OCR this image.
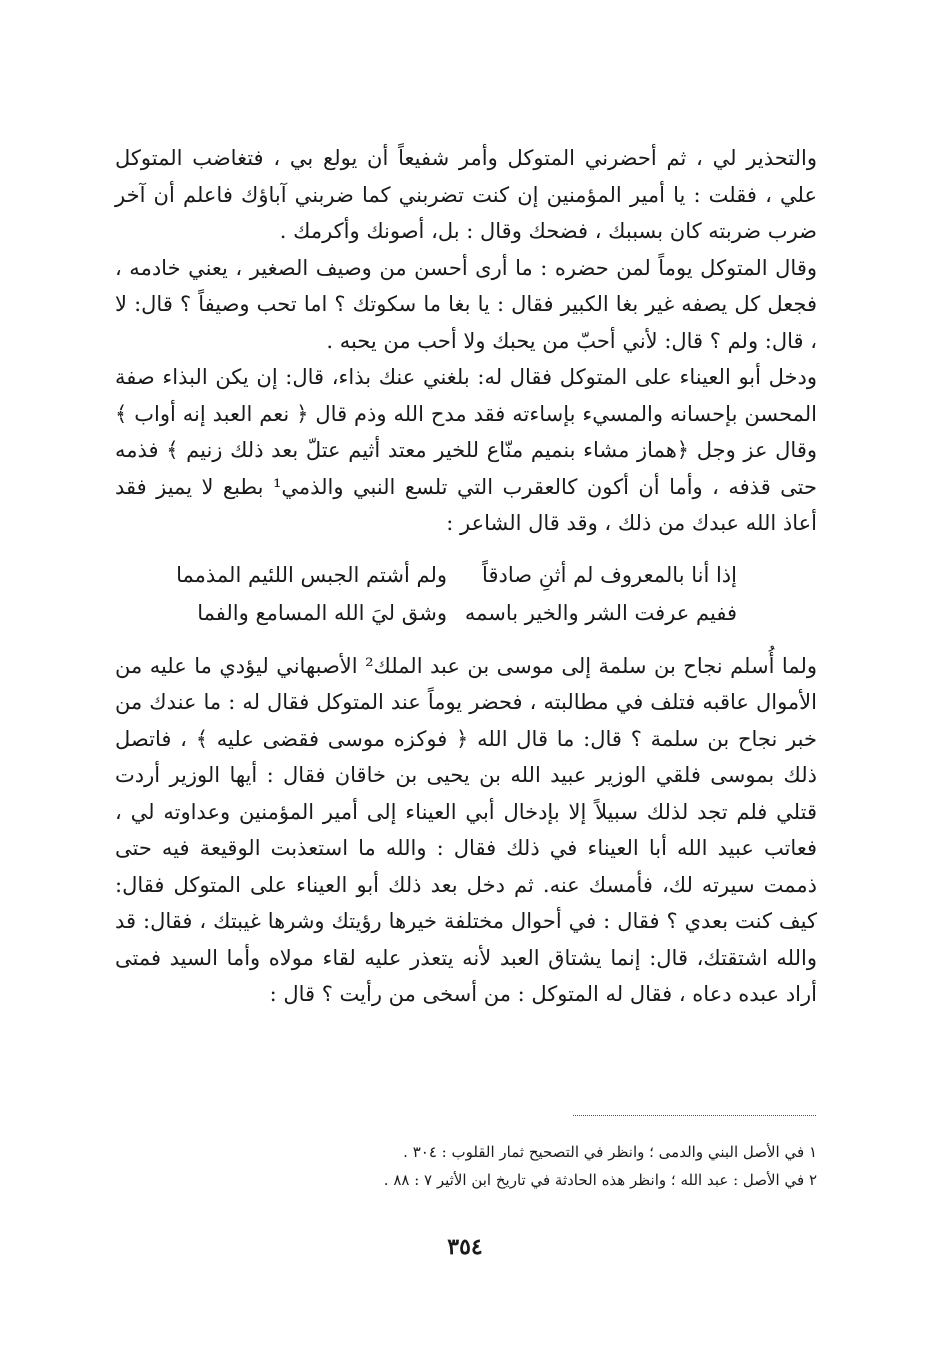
والتحذير لي ، ثم أحضرني المتوكل وأمر شفيعاً أن يولع بي ، فتغاضب المتوكل علي ، فقلت : يا أمير المؤمنين إن كنت تضربني كما ضربني آباؤك فاعلم أن آخر ضرب ضربته كان بسببك ، فضحك وقال : بل، أصونك وأكرمك .

وقال المتوكل يوماً لمن حضره : ما أرى أحسن من وصيف الصغير ، يعني خادمه ، فجعل كل يصفه غير بغا الكبير فقال : يا بغا ما سكوتك ؟ اما تحب وصيفاً ؟ قال: لا ، قال: ولم ؟ قال: لأني أحبّ من يحبك ولا أحب من يحبه .

ودخل أبو العيناء على المتوكل فقال له: بلغني عنك بذاء، قال: إن يكن البذاء صفة المحسن بإحسانه والمسيء بإساءته فقد مدح الله وذم قال ﴿ نعم العبد إنه أواب ﴾ وقال عز وجل ﴿هماز مشاء بنميم منّاع للخير معتد أثيم عتلّ بعد ذلك زنيم ﴾ فذمه حتى قذفه ، وأما أن أكون كالعقرب التي تلسع النبي والذمي¹ بطبع لا يميز فقد أعاذ الله عبدك من ذلك ، وقد قال الشاعر :

إذا أنا بالمعروف لم أثنِ صادقاً
ولم أشتم الجبس اللئيم المذمما
ففيم عرفت الشر والخير باسمه
وشق ليَ الله المسامع والفما

ولما أُسلم نجاح بن سلمة إلى موسى بن عبد الملك² الأصبهاني ليؤدي ما عليه من الأموال عاقبه فتلف في مطالبته ، فحضر يوماً عند المتوكل فقال له : ما عندك من خبر نجاح بن سلمة ؟ قال: ما قال الله ﴿ فوكزه موسى فقضى عليه ﴾ ، فاتصل ذلك بموسى فلقي الوزير عبيد الله بن يحيى بن خاقان فقال : أيها الوزير أردت قتلي فلم تجد لذلك سبيلاً إلا بإدخال أبي العيناء إلى أمير المؤمنين وعداوته لي ، فعاتب عبيد الله أبا العيناء في ذلك فقال : والله ما استعذبت الوقيعة فيه حتى ذممت سيرته لك، فأمسك عنه. ثم دخل بعد ذلك أبو العيناء على المتوكل فقال: كيف كنت بعدي ؟ فقال : في أحوال مختلفة خيرها رؤيتك وشرها غيبتك ، فقال: قد والله اشتقتك، قال: إنما يشتاق العبد لأنه يتعذر عليه لقاء مولاه وأما السيد فمتى أراد عبده دعاه ، فقال له المتوكل : من أسخى من رأيت ؟ قال :

١ في الأصل البني والدمى ؛ وانظر في التصحيح ثمار القلوب : ٣٠٤ .

٢ في الأصل : عبد الله ؛ وانظر هذه الحادثة في تاريخ ابن الأثير ٧ : ٨٨ .

٣٥٤
